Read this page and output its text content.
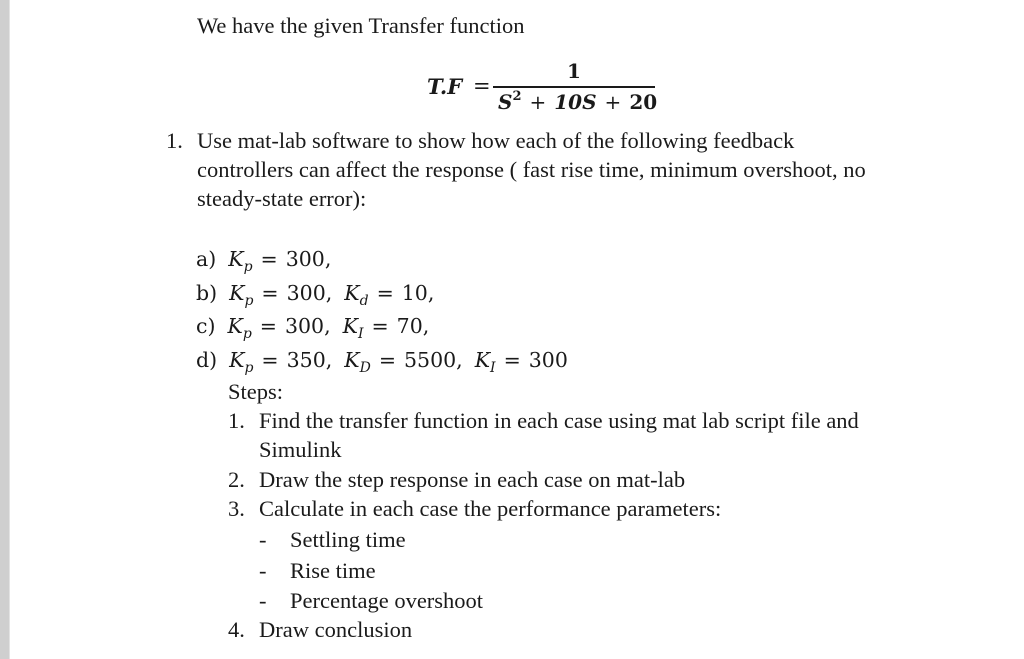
We have the given Transfer function
T.F =
1
$S^2 + 10S + 20$
1. Use mat-lab software to show how each of the following feedback
controllers can affect the response ( fast rise time, minimum overshoot, no
steady-state error):
a) $K_p = 300$,
b) $K_p = 300$, $K_d = 10$,
c) $K_p = 300$, $K_I = 70$,
d) $K_p = 350$, $K_D = 5500$, $K_I = 300$
Steps:
1. Find the transfer function in each case using mat lab script file and
Simulink
2. Draw the step response in each case on mat-lab
3. Calculate in each case the performance parameters:
- Settling time
- Rise time
- Percentage overshoot
4. Draw conclusion
